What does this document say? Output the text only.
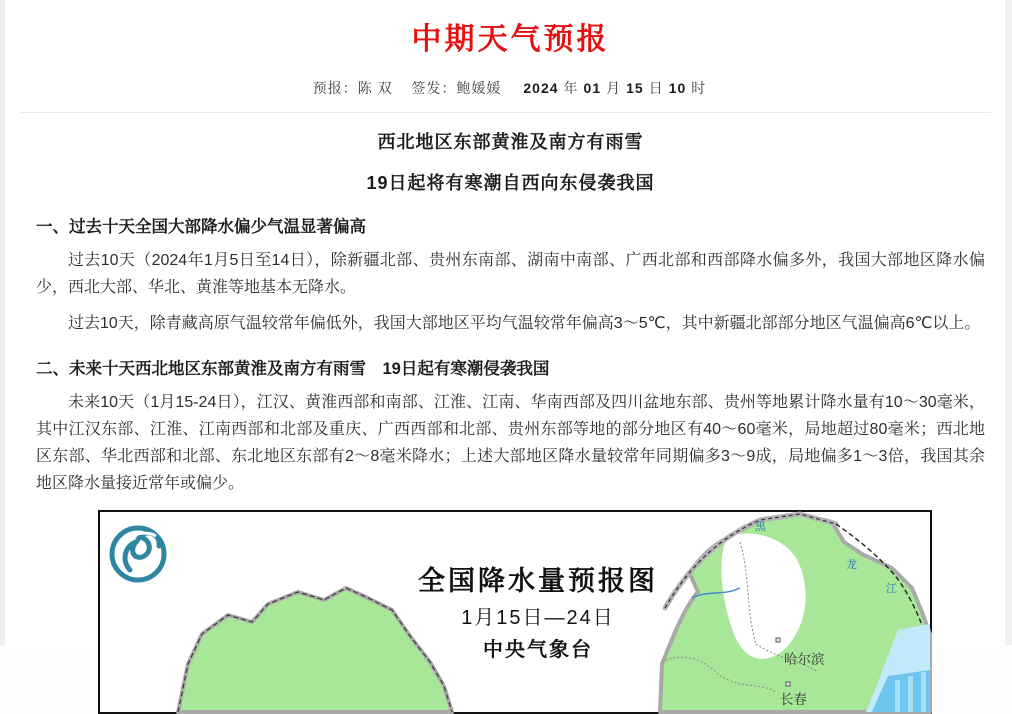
中期天气预报
预报：陈 双 签发：鲍媛媛 2024 年 01 月 15 日 10 时
西北地区东部黄淮及南方有雨雪
19日起将有寒潮自西向东侵袭我国
一、过去十天全国大部降水偏少气温显著偏高

过去10天（2024年1月5日至14日），除新疆北部、贵州东南部、湖南中南部、广西北部和西部降水偏多外，我国大部地区降水偏少，西北大部、华北、黄淮等地基本无降水。

过去10天，除青藏高原气温较常年偏低外，我国大部地区平均气温较常年偏高3～5℃，其中新疆北部部分地区气温偏高6℃以上。

二、未来十天西北地区东部黄淮及南方有雨雪　19日起有寒潮侵袭我国

未来10天（1月15-24日），江汉、黄淮西部和南部、江淮、江南、华南西部及四川盆地东部、贵州等地累计降水量有10～30毫米，其中江汉东部、江淮、江南西部和北部及重庆、广西西部和北部、贵州东部等地的部分地区有40～60毫米，局地超过80毫米；西北地区东部、华北西部和北部、东北地区东部有2～8毫米降水；上述大部地区降水量较常年同期偏多3～9成，局地偏多1～3倍，我国其余地区降水量接近常年或偏少。

黑
龙
江
哈尔滨
长春
全国降水量预报图
1月15日—24日
中央气象台
